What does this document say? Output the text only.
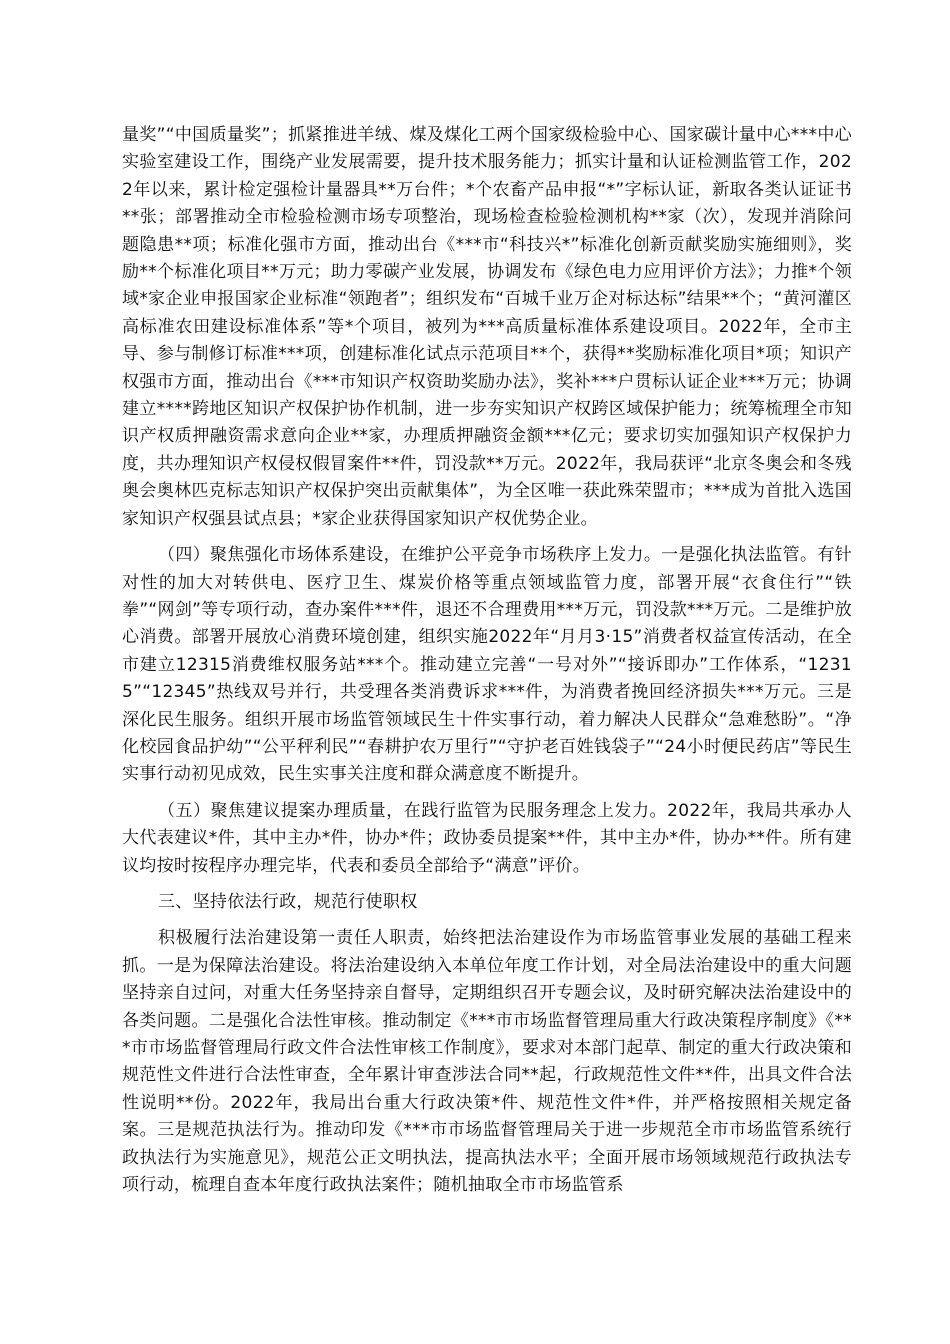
量奖”“中国质量奖”；抓紧推进羊绒、煤及煤化工两个国家级检验中心、国家碳计量中心***中心实验室建设工作，围绕产业发展需要，提升技术服务能力；抓实计量和认证检测监管工作，2022年以来，累计检定强检计量器具**万台件；*个农畜产品申报“*”字标认证，新取各类认证证书**张；部署推动全市检验检测市场专项整治，现场检查检验检测机构**家（次），发现并消除问题隐患**项；标准化强市方面，推动出台《***市“科技兴*”标准化创新贡献奖励实施细则》，奖励**个标准化项目**万元；助力零碳产业发展，协调发布《绿色电力应用评价方法》；力推*个领域*家企业申报国家企业标准“领跑者”；组织发布“百城千业万企对标达标”结果**个；“黄河灌区高标准农田建设标准体系”等*个项目，被列为***高质量标准体系建设项目。2022年，全市主导、参与制修订标准***项，创建标准化试点示范项目**个，获得**奖励标准化项目*项；知识产权强市方面，推动出台《***市知识产权资助奖励办法》，奖补***户贯标认证企业***万元；协调建立****跨地区知识产权保护协作机制，进一步夯实知识产权跨区域保护能力；统筹梳理全市知识产权质押融资需求意向企业**家，办理质押融资金额***亿元；要求切实加强知识产权保护力度，共办理知识产权侵权假冒案件**件，罚没款**万元。2022年，我局获评“北京冬奥会和冬残奥会奥林匹克标志知识产权保护突出贡献集体”，为全区唯一获此殊荣盟市；***成为首批入选国家知识产权强县试点县；*家企业获得国家知识产权优势企业。

（四）聚焦强化市场体系建设，在维护公平竞争市场秩序上发力。一是强化执法监管。有针对性的加大对转供电、医疗卫生、煤炭价格等重点领域监管力度，部署开展“衣食住行”“铁拳”“网剑”等专项行动，查办案件***件，退还不合理费用***万元，罚没款***万元。二是维护放心消费。部署开展放心消费环境创建，组织实施2022年“月月3·15”消费者权益宣传活动，在全市建立12315消费维权服务站***个。推动建立完善“一号对外”“接诉即办”工作体系，“12315”“12345”热线双号并行，共受理各类消费诉求***件，为消费者挽回经济损失***万元。三是深化民生服务。组织开展市场监管领域民生十件实事行动，着力解决人民群众“急难愁盼”。“净化校园食品护幼”“公平秤利民”“春耕护农万里行”“守护老百姓钱袋子”“24小时便民药店”等民生实事行动初见成效，民生实事关注度和群众满意度不断提升。

（五）聚焦建议提案办理质量，在践行监管为民服务理念上发力。2022年，我局共承办人大代表建议*件，其中主办*件，协办*件；政协委员提案**件，其中主办*件，协办**件。所有建议均按时按程序办理完毕，代表和委员全部给予“满意”评价。

三、坚持依法行政，规范行使职权

积极履行法治建设第一责任人职责，始终把法治建设作为市场监管事业发展的基础工程来抓。一是为保障法治建设。将法治建设纳入本单位年度工作计划，对全局法治建设中的重大问题坚持亲自过问，对重大任务坚持亲自督导，定期组织召开专题会议，及时研究解决法治建设中的各类问题。二是强化合法性审核。推动制定《***市市场监督管理局重大行政决策程序制度》《***市市场监督管理局行政文件合法性审核工作制度》，要求对本部门起草、制定的重大行政决策和规范性文件进行合法性审查，全年累计审查涉法合同**起，行政规范性文件**件，出具文件合法性说明**份。2022年，我局出台重大行政决策*件、规范性文件*件，并严格按照相关规定备案。三是规范执法行为。推动印发《***市市场监督管理局关于进一步规范全市市场监管系统行政执法行为实施意见》，规范公正文明执法，提高执法水平；全面开展市场领域规范行政执法专项行动，梳理自查本年度行政执法案件；随机抽取全市市场监管系
